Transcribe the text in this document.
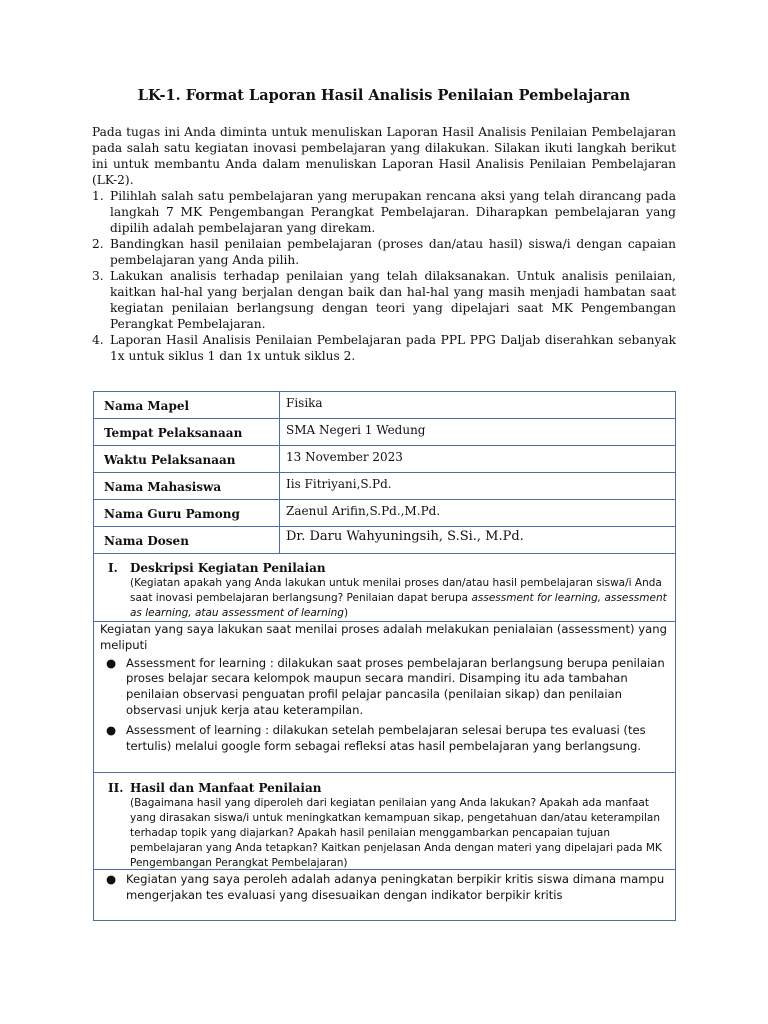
LK-1. Format Laporan Hasil Analisis Penilaian Pembelajaran
Pada tugas ini Anda diminta untuk menuliskan Laporan Hasil Analisis Penilaian Pembelajaran pada salah satu kegiatan inovasi pembelajaran yang dilakukan. Silakan ikuti langkah berikut ini untuk membantu Anda dalam menuliskan Laporan Hasil Analisis Penilaian Pembelajaran (LK-2).
1. Pilihlah salah satu pembelajaran yang merupakan rencana aksi yang telah dirancang pada langkah 7 MK Pengembangan Perangkat Pembelajaran. Diharapkan pembelajaran yang dipilih adalah pembelajaran yang direkam.
2. Bandingkan hasil penilaian pembelajaran (proses dan/atau hasil) siswa/i dengan capaian pembelajaran yang Anda pilih.
3. Lakukan analisis terhadap penilaian yang telah dilaksanakan. Untuk analisis penilaian, kaitkan hal-hal yang berjalan dengan baik dan hal-hal yang masih menjadi hambatan saat kegiatan penilaian berlangsung dengan teori yang dipelajari saat MK Pengembangan Perangkat Pembelajaran.
4. Laporan Hasil Analisis Penilaian Pembelajaran pada PPL PPG Daljab diserahkan sebanyak 1x untuk siklus 1 dan 1x untuk siklus 2.
Nama Mapel	Fisika
Tempat Pelaksanaan	SMA Negeri 1 Wedung
Waktu Pelaksanaan	13 November 2023
Nama Mahasiswa	Iis Fitriyani,S.Pd.
Nama Guru Pamong	Zaenul Arifin,S.Pd.,M.Pd.
Nama Dosen	Dr. Daru Wahyuningsih, S.Si., M.Pd.
I. Deskripsi Kegiatan Penilaian
(Kegiatan apakah yang Anda lakukan untuk menilai proses dan/atau hasil pembelajaran siswa/i Anda saat inovasi pembelajaran berlangsung? Penilaian dapat berupa assessment for learning, assessment as learning, atau assessment of learning)
Kegiatan yang saya lakukan saat menilai proses adalah melakukan penialaian (assessment) yang meliputi
● Assessment for learning : dilakukan saat proses pembelajaran berlangsung berupa penilaian proses belajar secara kelompok maupun secara mandiri. Disamping itu ada tambahan penilaian observasi penguatan profil pelajar pancasila (penilaian sikap) dan penilaian observasi unjuk kerja atau keterampilan.
● Assessment of learning : dilakukan setelah pembelajaran selesai berupa tes evaluasi (tes tertulis) melalui google form sebagai refleksi atas hasil pembelajaran yang berlangsung.
II. Hasil dan Manfaat Penilaian
(Bagaimana hasil yang diperoleh dari kegiatan penilaian yang Anda lakukan? Apakah ada manfaat yang dirasakan siswa/i untuk meningkatkan kemampuan sikap, pengetahuan dan/atau keterampilan terhadap topik yang diajarkan? Apakah hasil penilaian menggambarkan pencapaian tujuan pembelajaran yang Anda tetapkan? Kaitkan penjelasan Anda dengan materi yang dipelajari pada MK Pengembangan Perangkat Pembelajaran)
● Kegiatan yang saya peroleh adalah adanya peningkatan berpikir kritis siswa dimana mampu mengerjakan tes evaluasi yang disesuaikan dengan indikator berpikir kritis
